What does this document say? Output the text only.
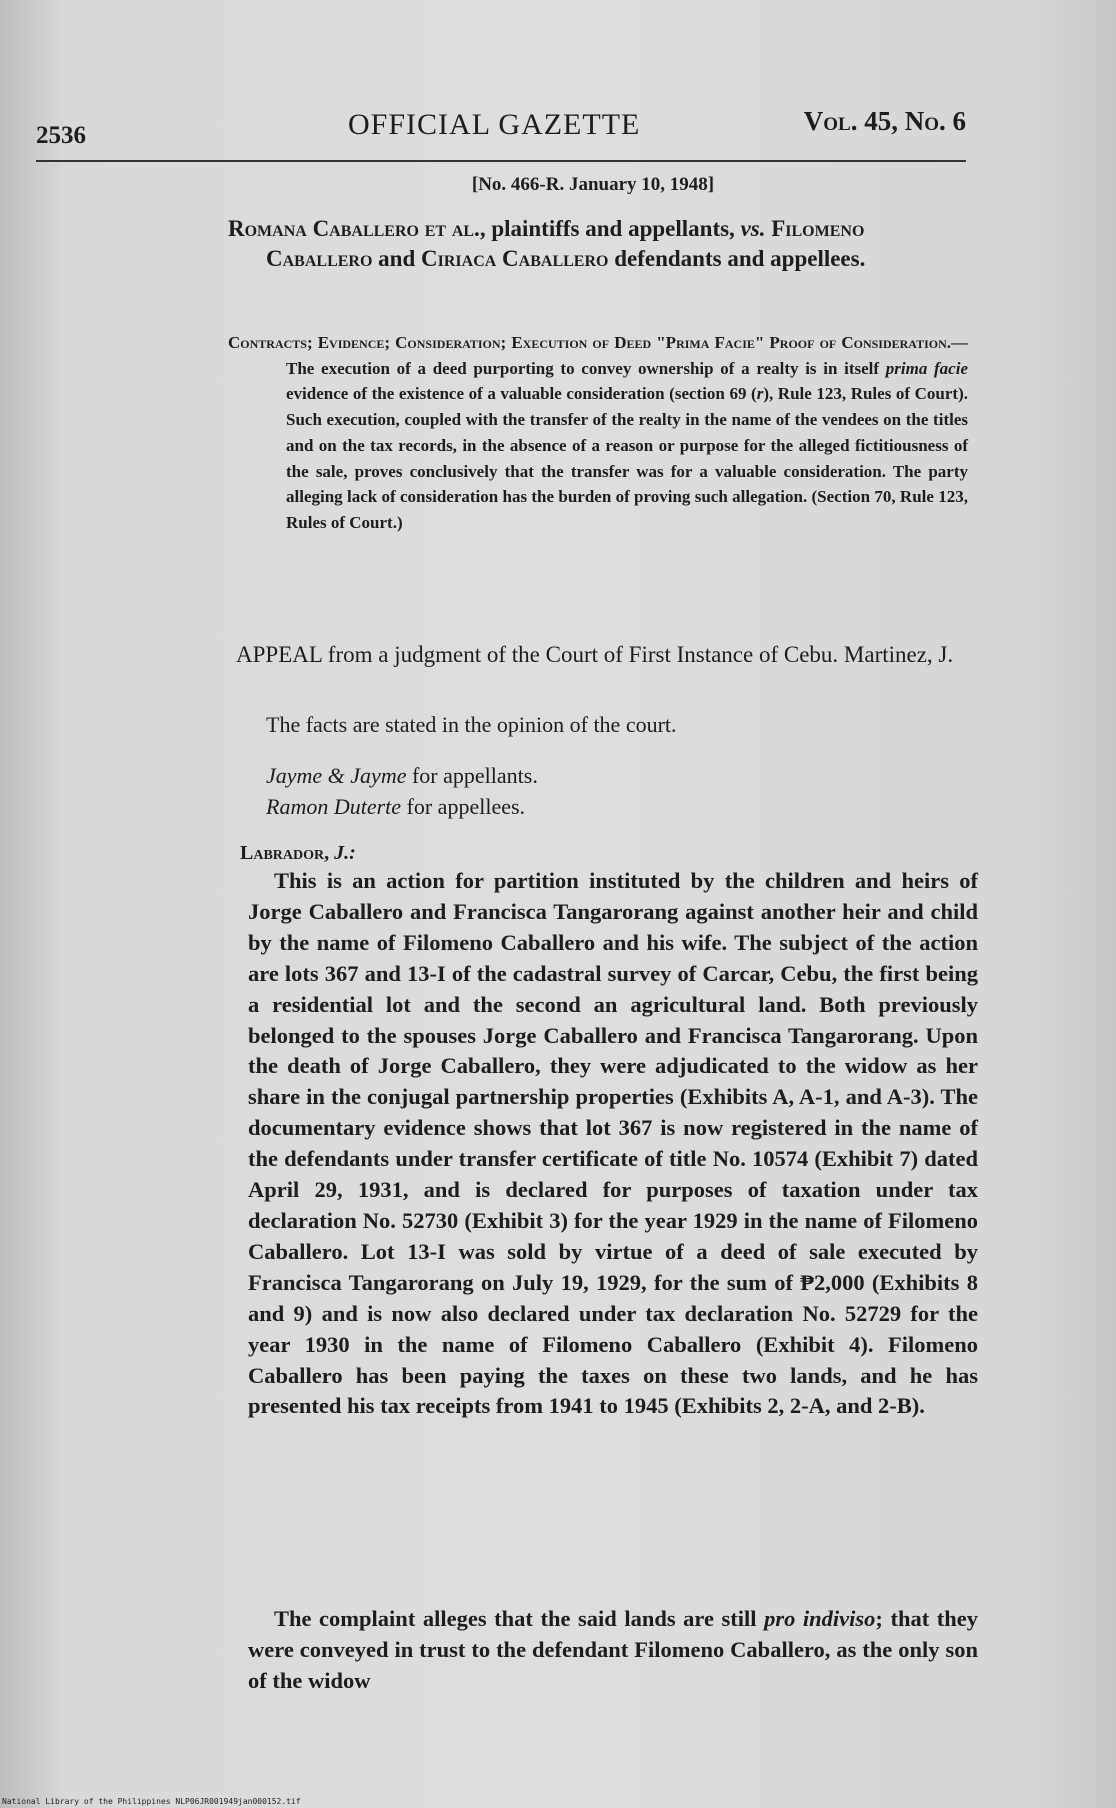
2536	OFFICIAL GAZETTE	Vol. 45, No. 6
[No. 466-R. January 10, 1948]
Romana Caballero et al., plaintiffs and appellants, vs. Filomeno Caballero and Ciriaca Caballero defendants and appellees.
Contracts; Evidence; Consideration; Execution of Deed "Prima Facie" Proof of Consideration.—The execution of a deed purporting to convey ownership of a realty is in itself prima facie evidence of the existence of a valuable consideration (section 69 (r), Rule 123, Rules of Court). Such execution, coupled with the transfer of the realty in the name of the vendees on the titles and on the tax records, in the absence of a reason or purpose for the alleged fictitiousness of the sale, proves conclusively that the transfer was for a valuable consideration. The party alleging lack of consideration has the burden of proving such allegation. (Section 70, Rule 123, Rules of Court.)
APPEAL from a judgment of the Court of First Instance of Cebu. Martinez, J.
The facts are stated in the opinion of the court.
Jayme & Jayme for appellants.
Ramon Duterte for appellees.
Labrador, J.:
This is an action for partition instituted by the children and heirs of Jorge Caballero and Francisca Tangarorang against another heir and child by the name of Filomeno Caballero and his wife. The subject of the action are lots 367 and 13-I of the cadastral survey of Carcar, Cebu, the first being a residential lot and the second an agricultural land. Both previously belonged to the spouses Jorge Caballero and Francisca Tangarorang. Upon the death of Jorge Caballero, they were adjudicated to the widow as her share in the conjugal partnership properties (Exhibits A, A-1, and A-3). The documentary evidence shows that lot 367 is now registered in the name of the defendants under transfer certificate of title No. 10574 (Exhibit 7) dated April 29, 1931, and is declared for purposes of taxation under tax declaration No. 52730 (Exhibit 3) for the year 1929 in the name of Filomeno Caballero. Lot 13-I was sold by virtue of a deed of sale executed by Francisca Tangarorang on July 19, 1929, for the sum of ₱2,000 (Exhibits 8 and 9) and is now also declared under tax declaration No. 52729 for the year 1930 in the name of Filomeno Caballero (Exhibit 4). Filomeno Caballero has been paying the taxes on these two lands, and he has presented his tax receipts from 1941 to 1945 (Exhibits 2, 2-A, and 2-B).
The complaint alleges that the said lands are still pro indiviso; that they were conveyed in trust to the defendant Filomeno Caballero, as the only son of the widow
National Library of the Philippines NLP06JR001949jan000152.tif
